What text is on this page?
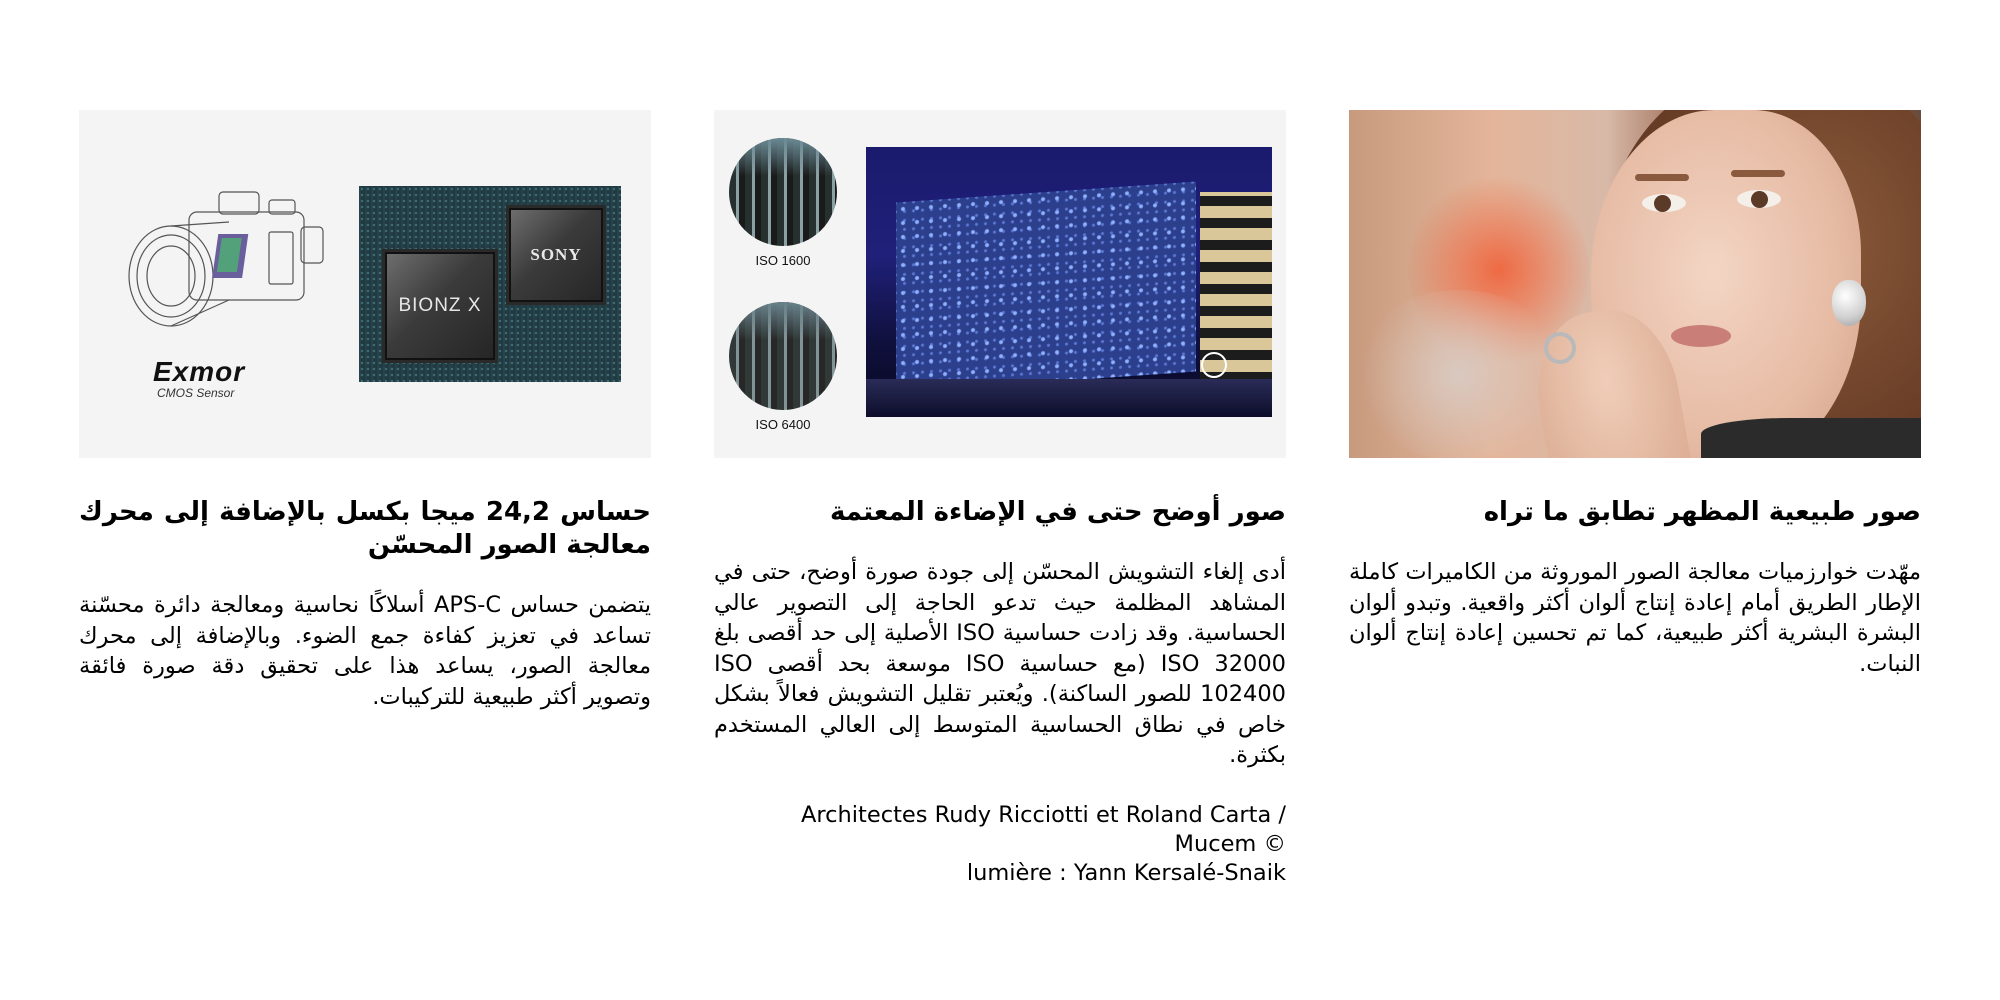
صور طبيعية المظهر تطابق ما تراه

مهّدت خوارزميات معالجة الصور الموروثة من الكاميرات كاملة الإطار الطريق أمام إعادة إنتاج ألوان أكثر واقعية. وتبدو ألوان البشرة البشرية أكثر طبيعية، كما تم تحسين إعادة إنتاج ألوان النبات.

ISO 1600
ISO 6400
صور أوضح حتى في الإضاءة المعتمة

أدى إلغاء التشويش المحسّن إلى جودة صورة أوضح، حتى في المشاهد المظلمة حيث تدعو الحاجة إلى التصوير عالي الحساسية. وقد زادت حساسية ISO الأصلية إلى حد أقصى بلغ ISO 32000 (مع حساسية ISO موسعة بحد أقصى ISO 102400 للصور الساكنة). ويُعتبر تقليل التشويش فعالاً بشكل خاص في نطاق الحساسية المتوسط إلى العالي المستخدم بكثرة.

Architectes Rudy Ricciotti et Roland Carta / Mucem ©
lumière : Yann Kersalé-Snaik

Exmor
CMOS Sensor
BIONZ X
SONY
حساس 24,2 ميجا بكسل بالإضافة إلى محرك معالجة الصور المحسّن

يتضمن حساس APS-C أسلاكًا نحاسية ومعالجة دائرة محسّنة تساعد في تعزيز كفاءة جمع الضوء. وبالإضافة إلى محرك معالجة الصور، يساعد هذا على تحقيق دقة صورة فائقة وتصوير أكثر طبيعية للتركيبات.
